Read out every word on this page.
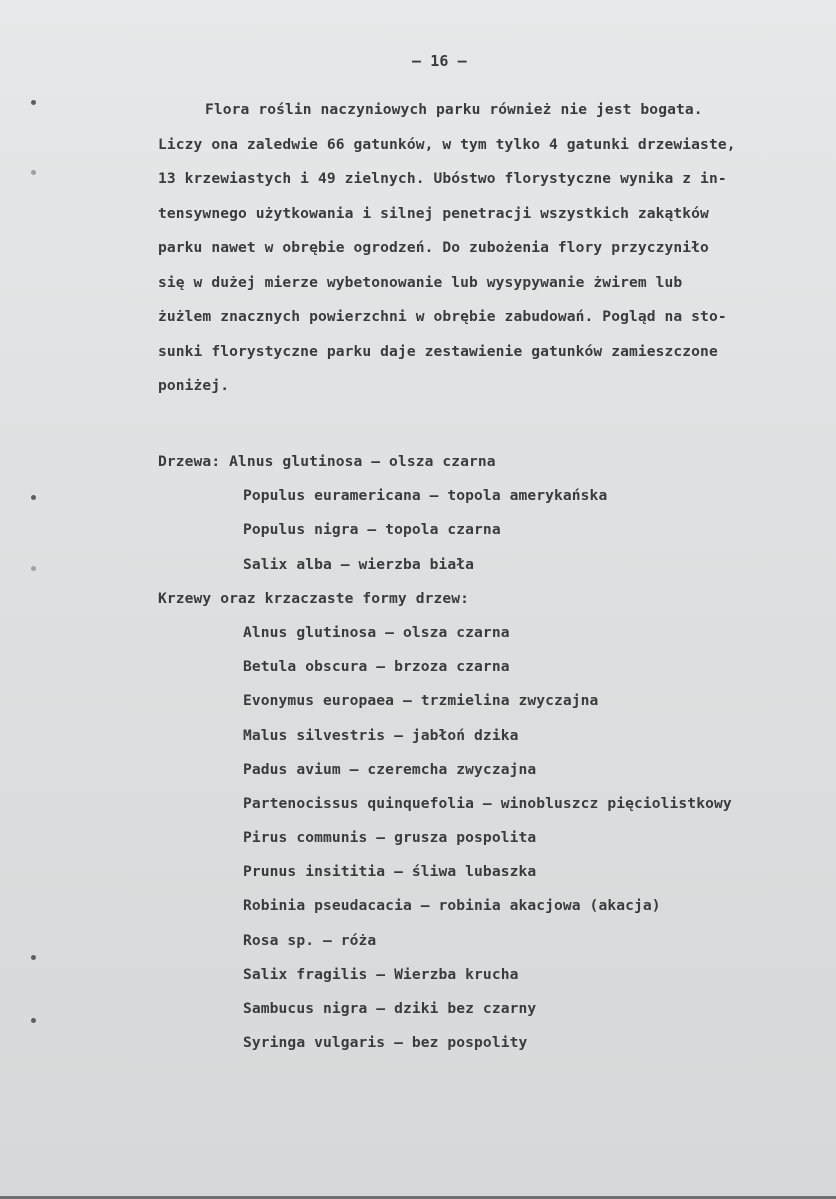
– 16 –
Flora roślin naczyniowych parku również nie jest bogata.
Liczy ona zaledwie 66 gatunków, w tym tylko 4 gatunki drzewiaste,
13 krzewiastych i 49 zielnych. Ubóstwo florystyczne wynika z in-
tensywnego użytkowania i silnej penetracji wszystkich zakątków
parku nawet w obrębie ogrodzeń. Do zubożenia flory przyczyniło
się w dużej mierze wybetonowanie lub wysypywanie żwirem lub
żużlem znacznych powierzchni w obrębie zabudowań. Pogląd na sto-
sunki florystyczne parku daje zestawienie gatunków zamieszczone
poniżej.
Drzewa: Alnus glutinosa – olsza czarna
Populus euramericana – topola amerykańska
Populus nigra – topola czarna
Salix alba – wierzba biała
Krzewy oraz krzaczaste formy drzew:
Alnus glutinosa – olsza czarna
Betula obscura – brzoza czarna
Evonymus europaea – trzmielina zwyczajna
Malus silvestris – jabłoń dzika
Padus avium – czeremcha zwyczajna
Partenocissus quinquefolia – winobluszcz pięciolistkowy
Pirus communis – grusza pospolita
Prunus insititia – śliwa lubaszka
Robinia pseudacacia – robinia akacjowa (akacja)
Rosa sp. – róża
Salix fragilis – Wierzba krucha
Sambucus nigra – dziki bez czarny
Syringa vulgaris – bez pospolity
